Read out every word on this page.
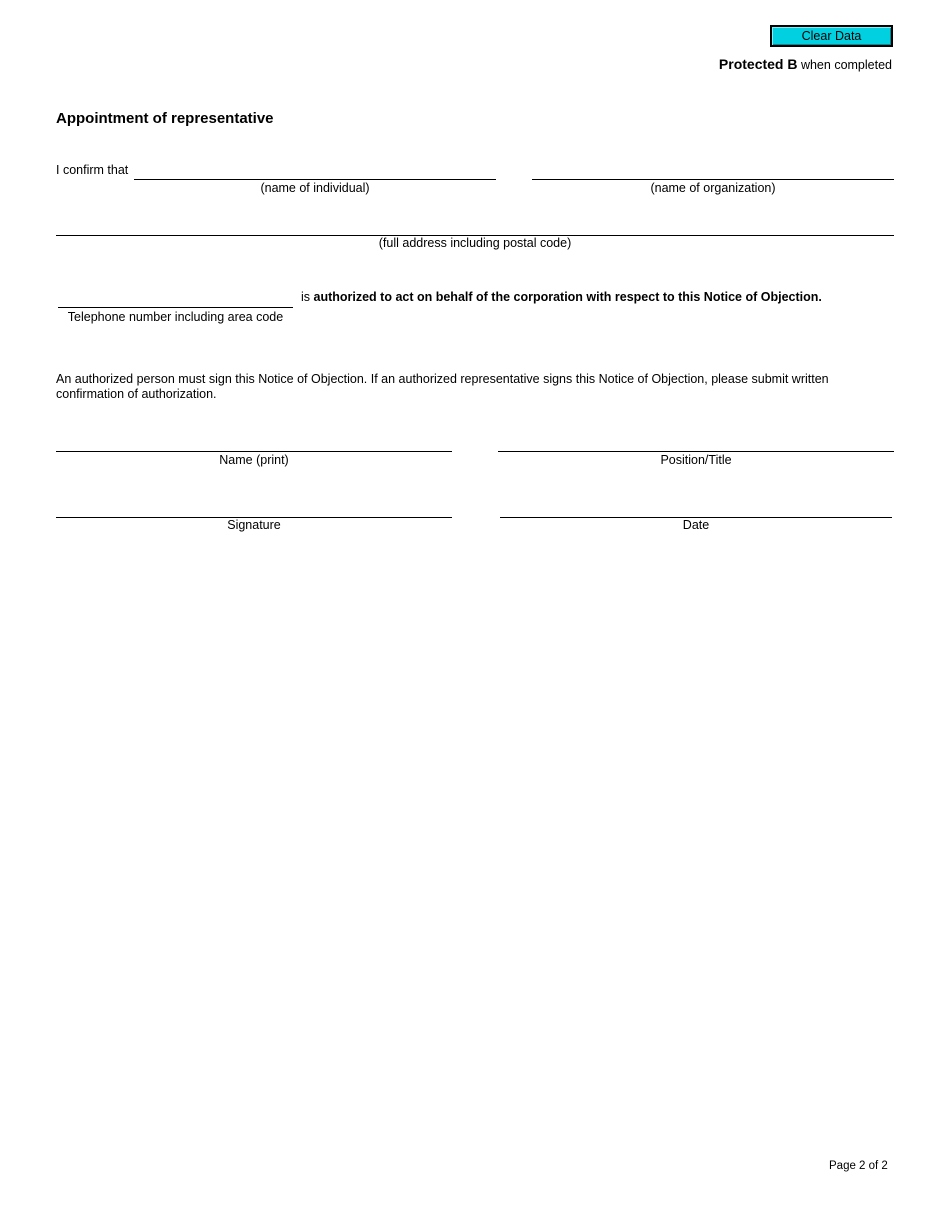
Clear Data
Protected B when completed
Appointment of representative
I confirm that
(name of individual)	(name of organization)
(full address including postal code)
Telephone number including area code
is authorized to act on behalf of the corporation with respect to this Notice of Objection.
An authorized person must sign this Notice of Objection. If an authorized representative signs this Notice of Objection, please submit written confirmation of authorization.
Name (print)	Position/Title
Signature	Date
Page 2 of 2
